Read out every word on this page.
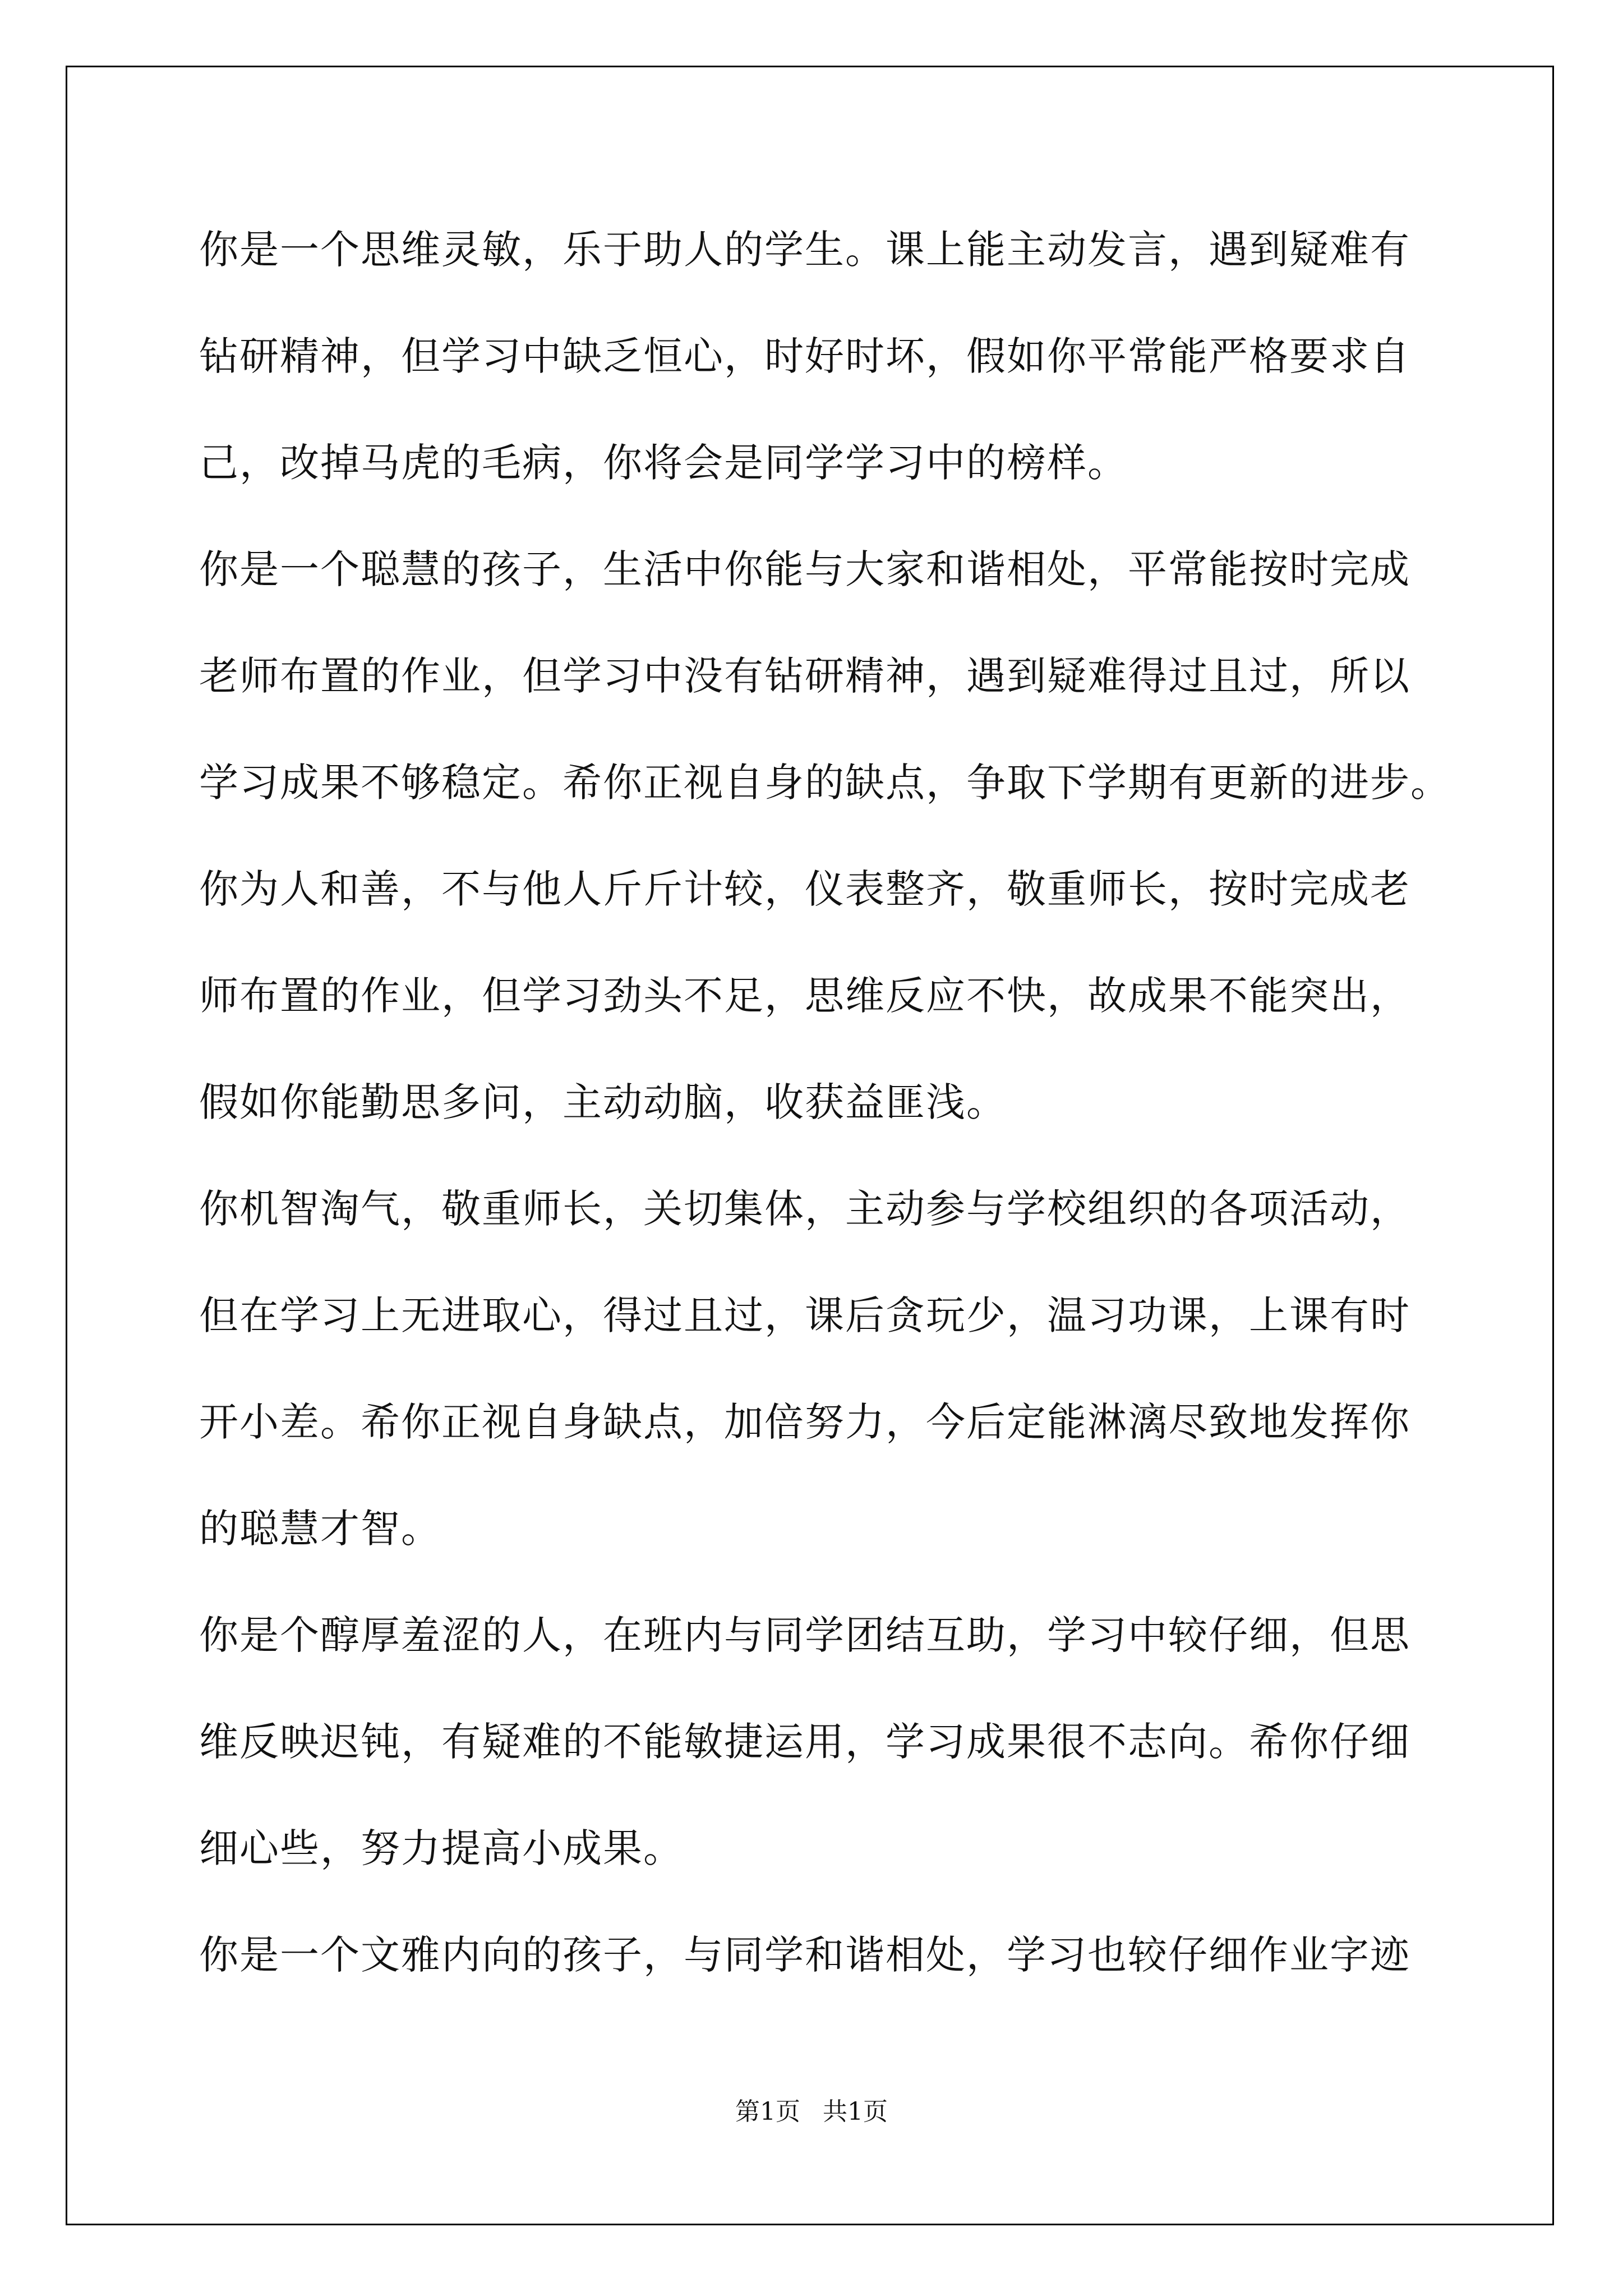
你是一个思维灵敏，乐于助人的学生。课上能主动发言，遇到疑难有
钻研精神，但学习中缺乏恒心，时好时坏，假如你平常能严格要求自
己，改掉马虎的毛病，你将会是同学学习中的榜样。
你是一个聪慧的孩子，生活中你能与大家和谐相处，平常能按时完成
老师布置的作业，但学习中没有钻研精神，遇到疑难得过且过，所以
学习成果不够稳定。希你正视自身的缺点，争取下学期有更新的进步。
你为人和善，不与他人斤斤计较，仪表整齐，敬重师长，按时完成老
师布置的作业，但学习劲头不足，思维反应不快，故成果不能突出，
假如你能勤思多问，主动动脑，收获益匪浅。
你机智淘气，敬重师长，关切集体，主动参与学校组织的各项活动，
但在学习上无进取心，得过且过，课后贪玩少，温习功课，上课有时
开小差。希你正视自身缺点，加倍努力，今后定能淋漓尽致地发挥你
的聪慧才智。
你是个醇厚羞涩的人，在班内与同学团结互助，学习中较仔细，但思
维反映迟钝，有疑难的不能敏捷运用，学习成果很不志向。希你仔细
细心些，努力提高小成果。
你是一个文雅内向的孩子，与同学和谐相处，学习也较仔细作业字迹
第1页 共1页
